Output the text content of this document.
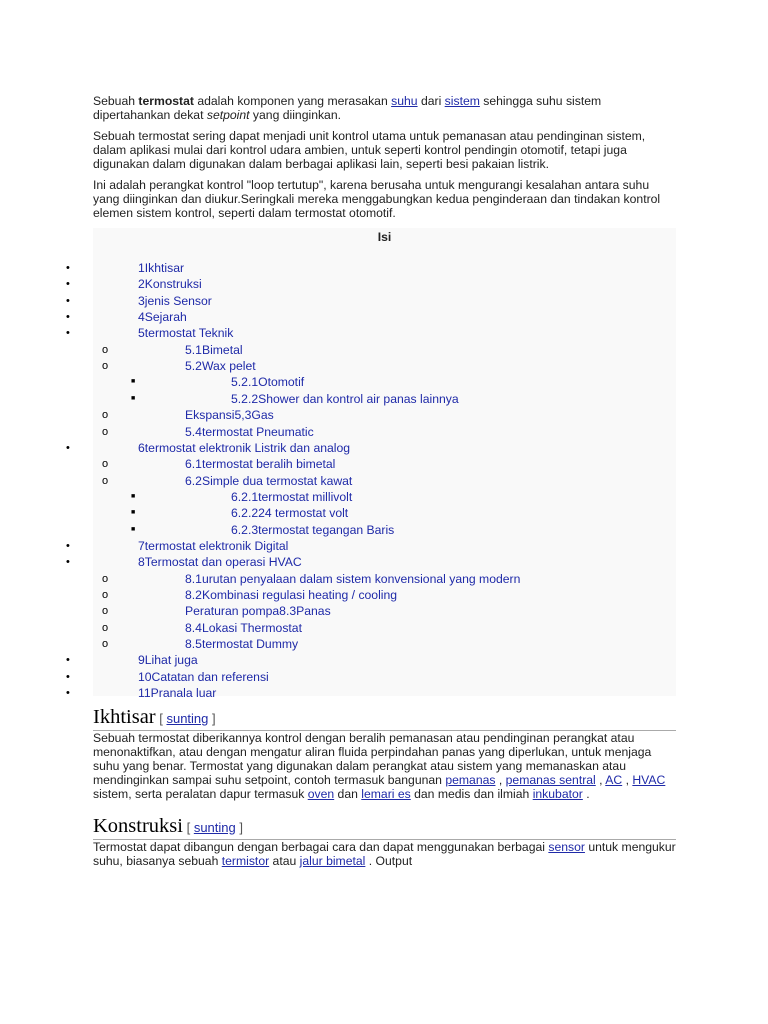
Sebuah termostat adalah komponen yang merasakan suhu dari sistem sehingga suhu sistem dipertahankan dekat setpoint yang diinginkan.

Sebuah termostat sering dapat menjadi unit kontrol utama untuk pemanasan atau pendinginan sistem, dalam aplikasi mulai dari kontrol udara ambien, untuk seperti kontrol pendingin otomotif, tetapi juga digunakan dalam digunakan dalam berbagai aplikasi lain, seperti besi pakaian listrik.

Ini adalah perangkat kontrol "loop tertutup", karena berusaha untuk mengurangi kesalahan antara suhu yang diinginkan dan diukur.Seringkali mereka menggabungkan kedua penginderaan dan tindakan kontrol elemen sistem kontrol, seperti dalam termostat otomotif.

Isi
•	1Ikhtisar
•	2Konstruksi
•	3jenis Sensor
•	4Sejarah
•	5termostat Teknik
o	5.1Bimetal
o	5.2Wax pelet
■	5.2.1Otomotif
■	5.2.2Shower dan kontrol air panas lainnya
o	Ekspansi5,3Gas
o	5.4termostat Pneumatic
•	6termostat elektronik Listrik dan analog
o	6.1termostat beralih bimetal
o	6.2Simple dua termostat kawat
■	6.2.1termostat millivolt
■	6.2.224 termostat volt
■	6.2.3termostat tegangan Baris
•	7termostat elektronik Digital
•	8Termostat dan operasi HVAC
o	8.1urutan penyalaan dalam sistem konvensional yang modern
o	8.2Kombinasi regulasi heating / cooling
o	Peraturan pompa8.3Panas
o	8.4Lokasi Thermostat
o	8.5termostat Dummy
•	9Lihat juga
•	10Catatan dan referensi
•	11Pranala luar
Ikhtisar [ sunting ]

Sebuah termostat diberikannya kontrol dengan beralih pemanasan atau pendinginan perangkat atau menonaktifkan, atau dengan mengatur aliran fluida perpindahan panas yang diperlukan, untuk menjaga suhu yang benar. Termostat yang digunakan dalam perangkat atau sistem yang memanaskan atau mendinginkan sampai suhu setpoint, contoh termasuk bangunan pemanas , pemanas sentral , AC , HVAC sistem, serta peralatan dapur termasuk oven dan lemari es dan medis dan ilmiah inkubator .

Konstruksi [ sunting ]

Termostat dapat dibangun dengan berbagai cara dan dapat menggunakan berbagai sensor untuk mengukur suhu, biasanya sebuah termistor atau jalur bimetal . Output
